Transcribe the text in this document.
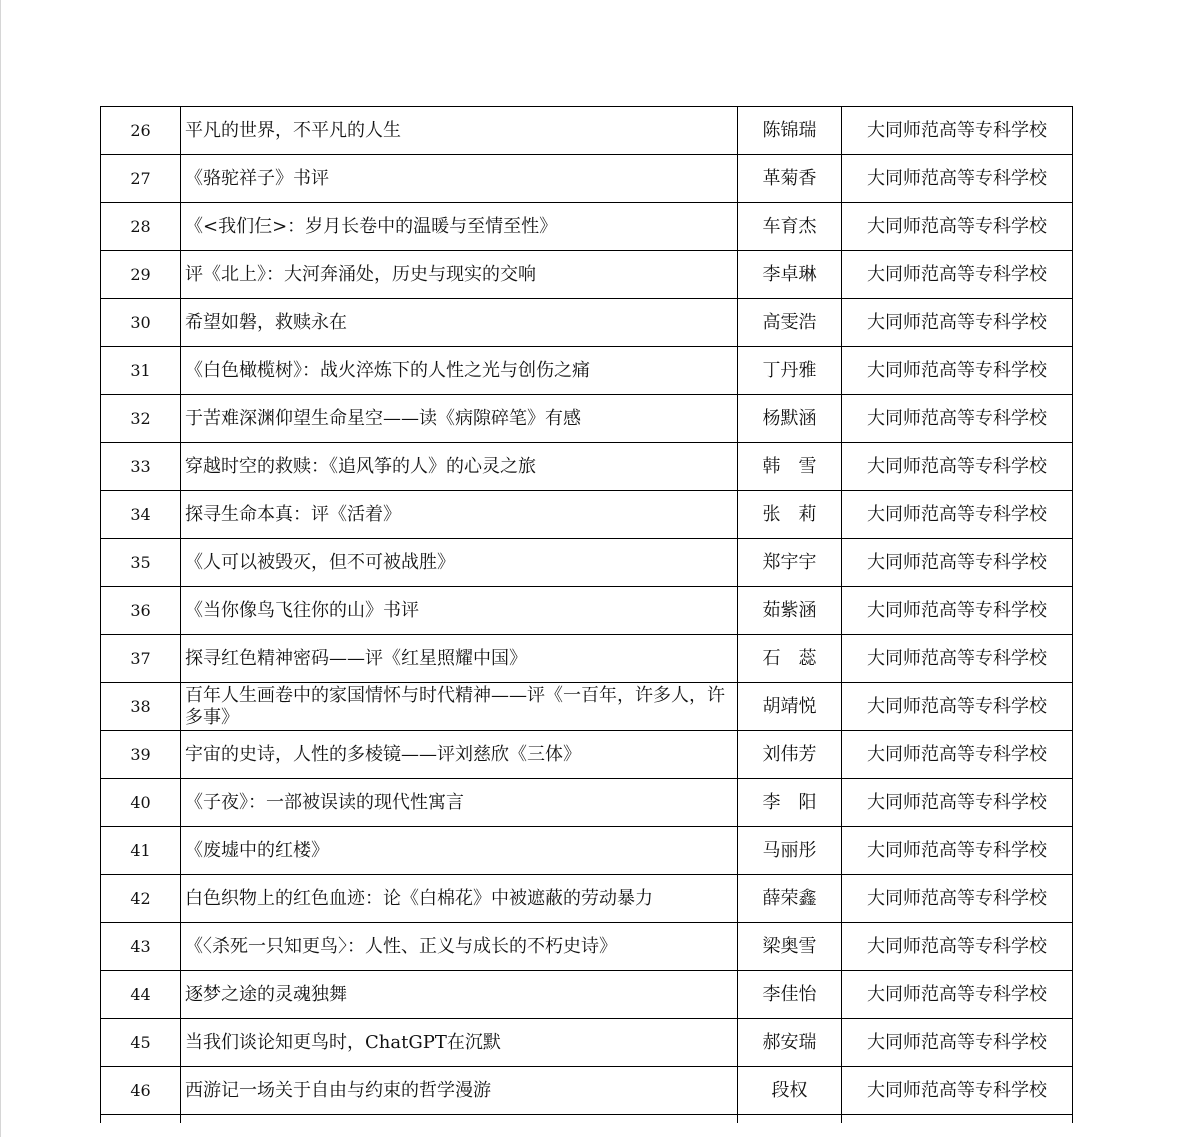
26	平凡的世界，不平凡的人生	陈锦瑞	大同师范高等专科学校
27	《骆驼祥子》书评	革菊香	大同师范高等专科学校
28	《<我们仨>：岁月长卷中的温暖与至情至性》	车育杰	大同师范高等专科学校
29	评《北上》：大河奔涌处，历史与现实的交响	李卓琳	大同师范高等专科学校
30	希望如磐，救赎永在	高雯浩	大同师范高等专科学校
31	《白色橄榄树》：战火淬炼下的人性之光与创伤之痛	丁丹雅	大同师范高等专科学校
32	于苦难深渊仰望生命星空——读《病隙碎笔》有感	杨默涵	大同师范高等专科学校
33	穿越时空的救赎：《追风筝的人》的心灵之旅	韩　雪	大同师范高等专科学校
34	探寻生命本真：评《活着》	张　莉	大同师范高等专科学校
35	《人可以被毁灭，但不可被战胜》	郑宇宇	大同师范高等专科学校
36	《当你像鸟飞往你的山》书评	茹紫涵	大同师范高等专科学校
37	探寻红色精神密码——评《红星照耀中国》	石　蕊	大同师范高等专科学校
38	百年人生画卷中的家国情怀与时代精神——评《一百年，许多人，许多事》	胡靖悦	大同师范高等专科学校
39	宇宙的史诗，人性的多棱镜——评刘慈欣《三体》	刘伟芳	大同师范高等专科学校
40	《子夜》：一部被误读的现代性寓言	李　阳	大同师范高等专科学校
41	《废墟中的红楼》	马丽彤	大同师范高等专科学校
42	白色织物上的红色血迹：论《白棉花》中被遮蔽的劳动暴力	薛荣鑫	大同师范高等专科学校
43	《〈杀死一只知更鸟〉：人性、正义与成长的不朽史诗》	梁奥雪	大同师范高等专科学校
44	逐梦之途的灵魂独舞	李佳怡	大同师范高等专科学校
45	当我们谈论知更鸟时，ChatGPT在沉默	郝安瑞	大同师范高等专科学校
46	西游记一场关于自由与约束的哲学漫游	段权	大同师范高等专科学校
